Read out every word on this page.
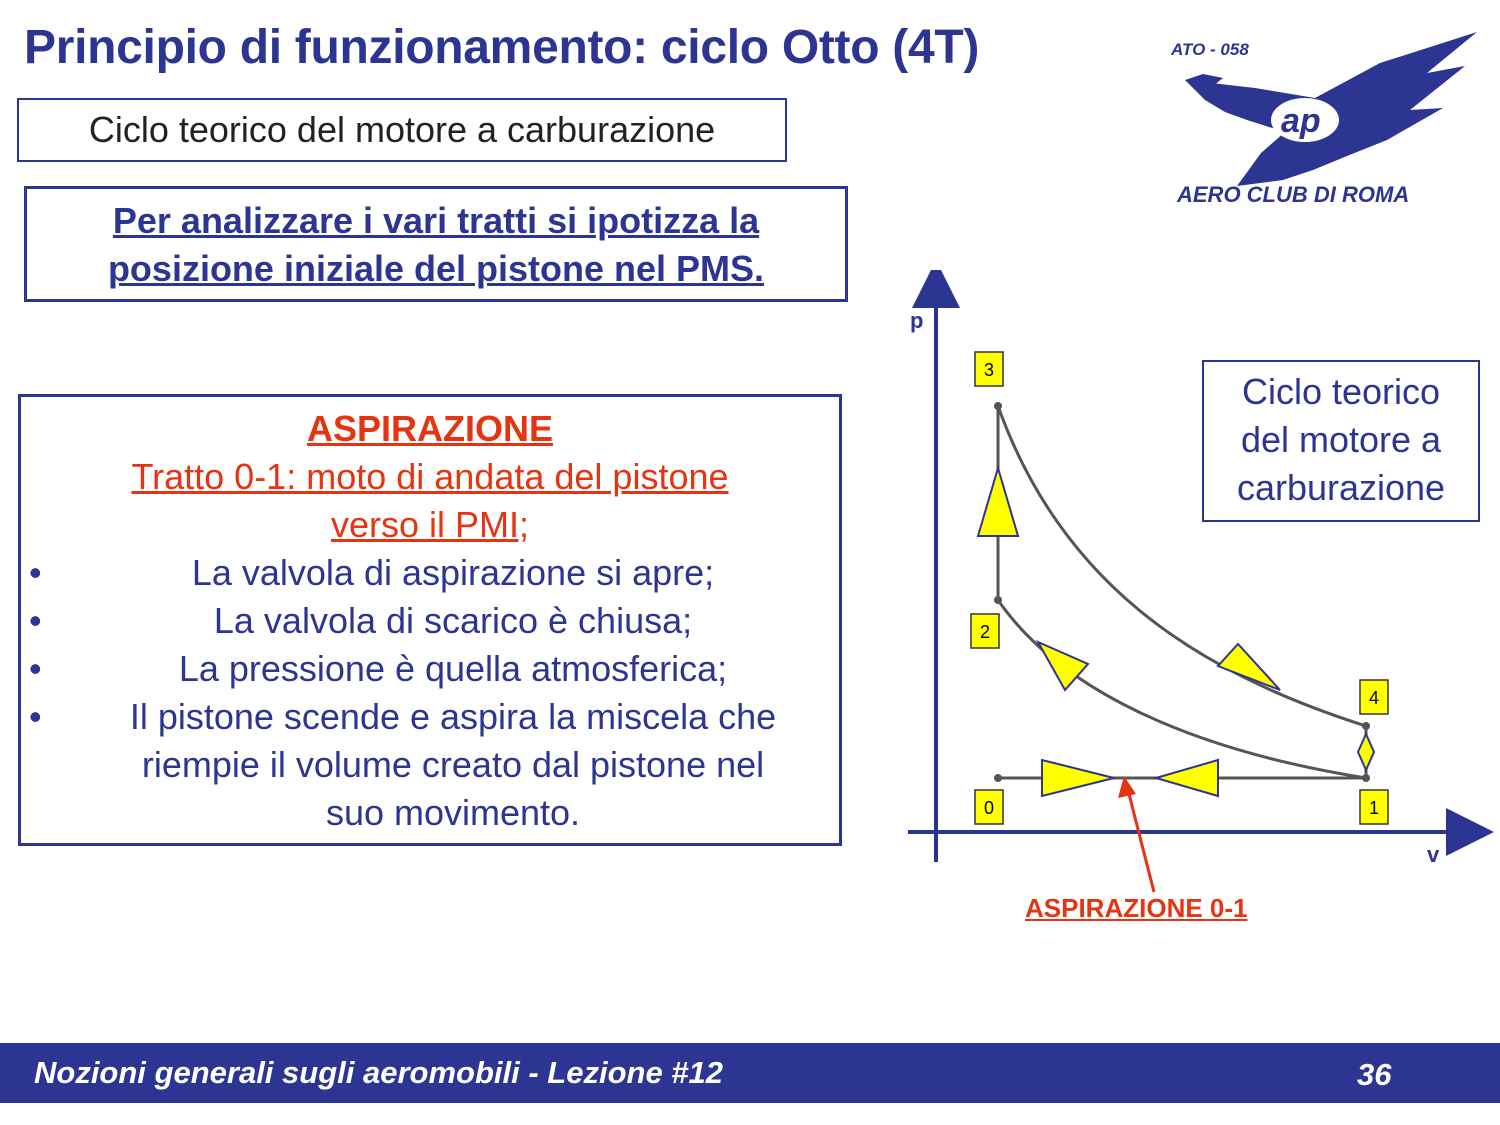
Principio di funzionamento: ciclo Otto (4T)
Ciclo teorico del motore a carburazione
ATO - 058
ap
AERO CLUB DI ROMA
Per analizzare i vari tratti si ipotizza la
posizione iniziale del pistone nel PMS.
ASPIRAZIONE
Tratto 0-1: moto di andata del pistone
verso il PMI;
•	La valvola di aspirazione si apre;
•	La valvola di scarico è chiusa;
•	La pressione è quella atmosferica;
• Il pistone scende e aspira la miscela che
riempie il volume creato dal pistone nel
suo movimento.
p
v
3
2
4
0	1
Ciclo teorico
del motore a
carburazione
ASPIRAZIONE 0-1
Nozioni generali sugli aeromobili - Lezione #12	36
